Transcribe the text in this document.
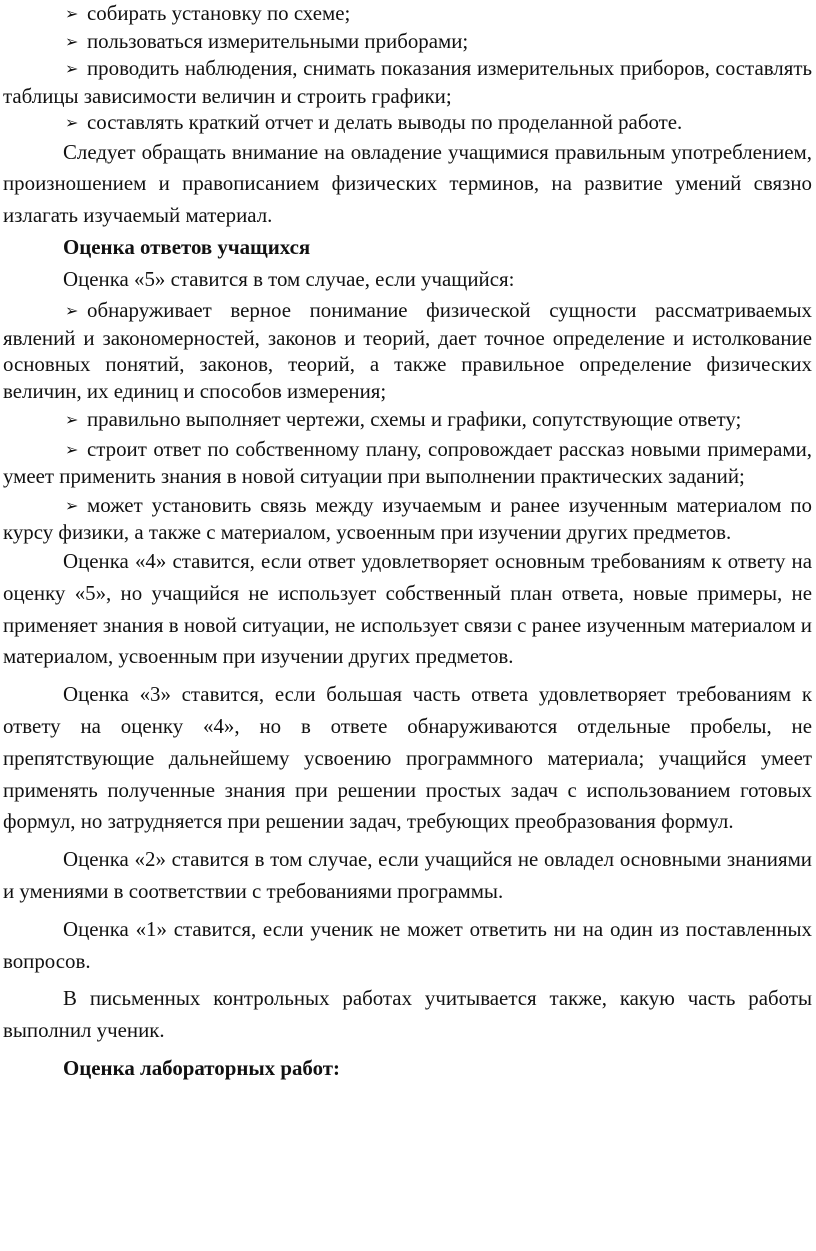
➢ собирать установку по схеме;

➢ пользоваться измерительными приборами;

➢ проводить наблюдения, снимать показания измерительных приборов, составлять таблицы зависимости величин и строить графики;

➢ составлять краткий отчет и делать выводы по проделанной работе.

Следует обращать внимание на овладение учащимися правильным употреблением, произношением и правописанием физических терминов, на развитие умений связно излагать изучаемый материал.

Оценка ответов учащихся

Оценка «5» ставится в том случае, если учащийся:

➢ обнаруживает верное понимание физической сущности рассматриваемых явлений и закономерностей, законов и теорий, дает точное определение и истолкование основных понятий, законов, теорий, а также правильное определение физических величин, их единиц и способов измерения;

➢ правильно выполняет чертежи, схемы и графики, сопутствующие ответу;

➢ строит ответ по собственному плану, сопровождает рассказ новыми примерами, умеет применить знания в новой ситуации при выполнении практических заданий;

➢ может установить связь между изучаемым и ранее изученным материалом по курсу физики, а также с материалом, усвоенным при изучении других предметов.

Оценка «4» ставится, если ответ удовлетворяет основным требованиям к ответу на оценку «5», но учащийся не использует собственный план ответа, новые примеры, не применяет знания в новой ситуации, не использует связи с ранее изученным материалом и материалом, усвоенным при изучении других предметов.

Оценка «3» ставится, если большая часть ответа удовлетворяет требованиям к ответу на оценку «4», но в ответе обнаруживаются отдельные пробелы, не препятствующие дальнейшему усвоению программного материала; учащийся умеет применять полученные знания при решении простых задач с использованием готовых формул, но затрудняется при решении задач, требующих преобразования формул.

Оценка «2» ставится в том случае, если учащийся не овладел основными знаниями и умениями в соответствии с требованиями программы.

Оценка «1» ставится, если ученик не может ответить ни на один из поставленных вопросов.

В письменных контрольных работах учитывается также, какую часть работы выполнил ученик.

Оценка лабораторных работ:
